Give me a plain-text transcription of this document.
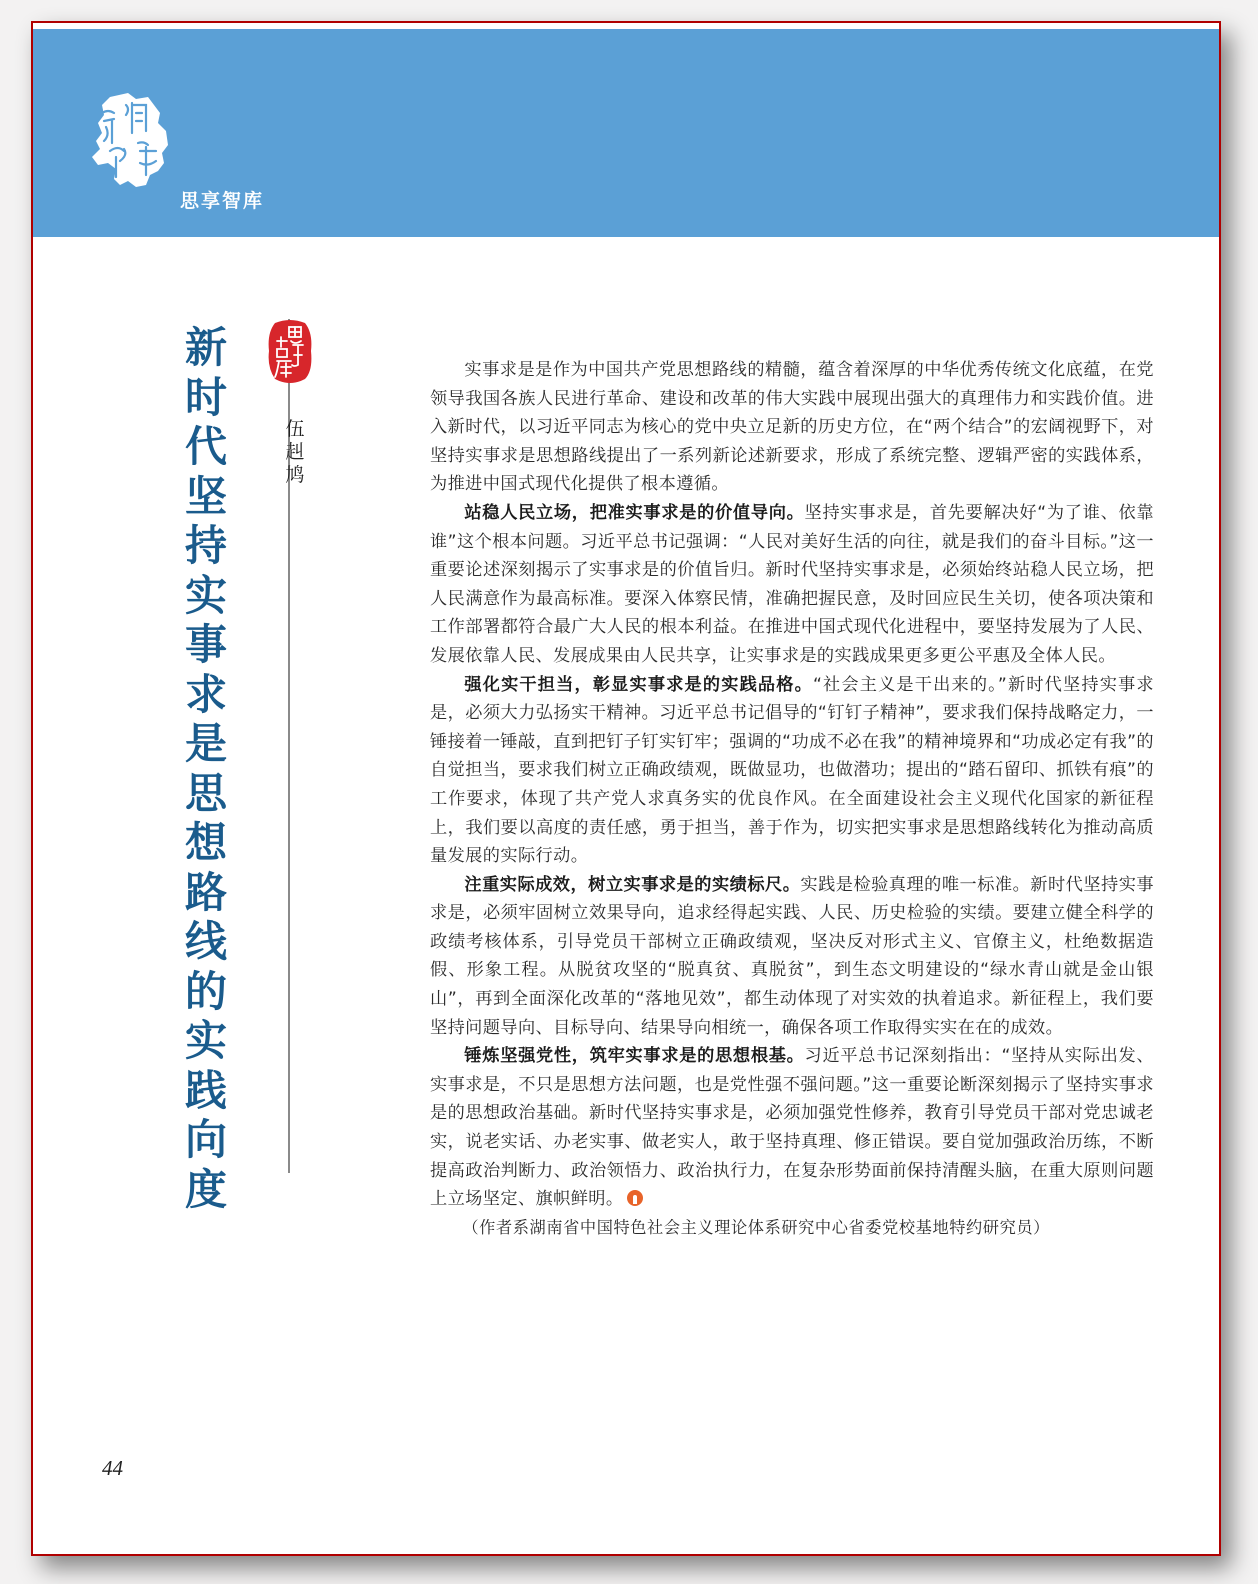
思享智库
新
时
代
坚
持
实
事
求
是
思
想
路
线
的
实
践
向
度
伍
赳
鸠

实事求是是作为中国共产党思想路线的精髓，蕴含着深厚的中华优秀传统文化底蕴，在党领导我国各族人民进行革命、建设和改革的伟大实践中展现出强大的真理伟力和实践价值。进入新时代，以习近平同志为核心的党中央立足新的历史方位，在“两个结合”的宏阔视野下，对坚持实事求是思想路线提出了一系列新论述新要求，形成了系统完整、逻辑严密的实践体系，为推进中国式现代化提供了根本遵循。

站稳人民立场，把准实事求是的价值导向。坚持实事求是，首先要解决好“为了谁、依靠谁”这个根本问题。习近平总书记强调：“人民对美好生活的向往，就是我们的奋斗目标。”这一重要论述深刻揭示了实事求是的价值旨归。新时代坚持实事求是，必须始终站稳人民立场，把人民满意作为最高标准。要深入体察民情，准确把握民意，及时回应民生关切，使各项决策和工作部署都符合最广大人民的根本利益。在推进中国式现代化进程中，要坚持发展为了人民、发展依靠人民、发展成果由人民共享，让实事求是的实践成果更多更公平惠及全体人民。

强化实干担当，彰显实事求是的实践品格。“社会主义是干出来的。”新时代坚持实事求是，必须大力弘扬实干精神。习近平总书记倡导的“钉钉子精神”，要求我们保持战略定力，一锤接着一锤敲，直到把钉子钉实钉牢；强调的“功成不必在我”的精神境界和“功成必定有我”的自觉担当，要求我们树立正确政绩观，既做显功，也做潜功；提出的“踏石留印、抓铁有痕”的工作要求，体现了共产党人求真务实的优良作风。在全面建设社会主义现代化国家的新征程上，我们要以高度的责任感，勇于担当，善于作为，切实把实事求是思想路线转化为推动高质量发展的实际行动。

注重实际成效，树立实事求是的实绩标尺。实践是检验真理的唯一标准。新时代坚持实事求是，必须牢固树立效果导向，追求经得起实践、人民、历史检验的实绩。要建立健全科学的政绩考核体系，引导党员干部树立正确政绩观，坚决反对形式主义、官僚主义，杜绝数据造假、形象工程。从脱贫攻坚的“脱真贫、真脱贫”，到生态文明建设的“绿水青山就是金山银山”，再到全面深化改革的“落地见效”，都生动体现了对实效的执着追求。新征程上，我们要坚持问题导向、目标导向、结果导向相统一，确保各项工作取得实实在在的成效。

锤炼坚强党性，筑牢实事求是的思想根基。习近平总书记深刻指出：“坚持从实际出发、实事求是，不只是思想方法问题，也是党性强不强问题。”这一重要论断深刻揭示了坚持实事求是的思想政治基础。新时代坚持实事求是，必须加强党性修养，教育引导党员干部对党忠诚老实，说老实话、办老实事、做老实人，敢于坚持真理、修正错误。要自觉加强政治历练，不断提高政治判断力、政治领悟力、政治执行力，在复杂形势面前保持清醒头脑，在重大原则问题上立场坚定、旗帜鲜明。

（作者系湖南省中国特色社会主义理论体系研究中心省委党校基地特约研究员）

44
